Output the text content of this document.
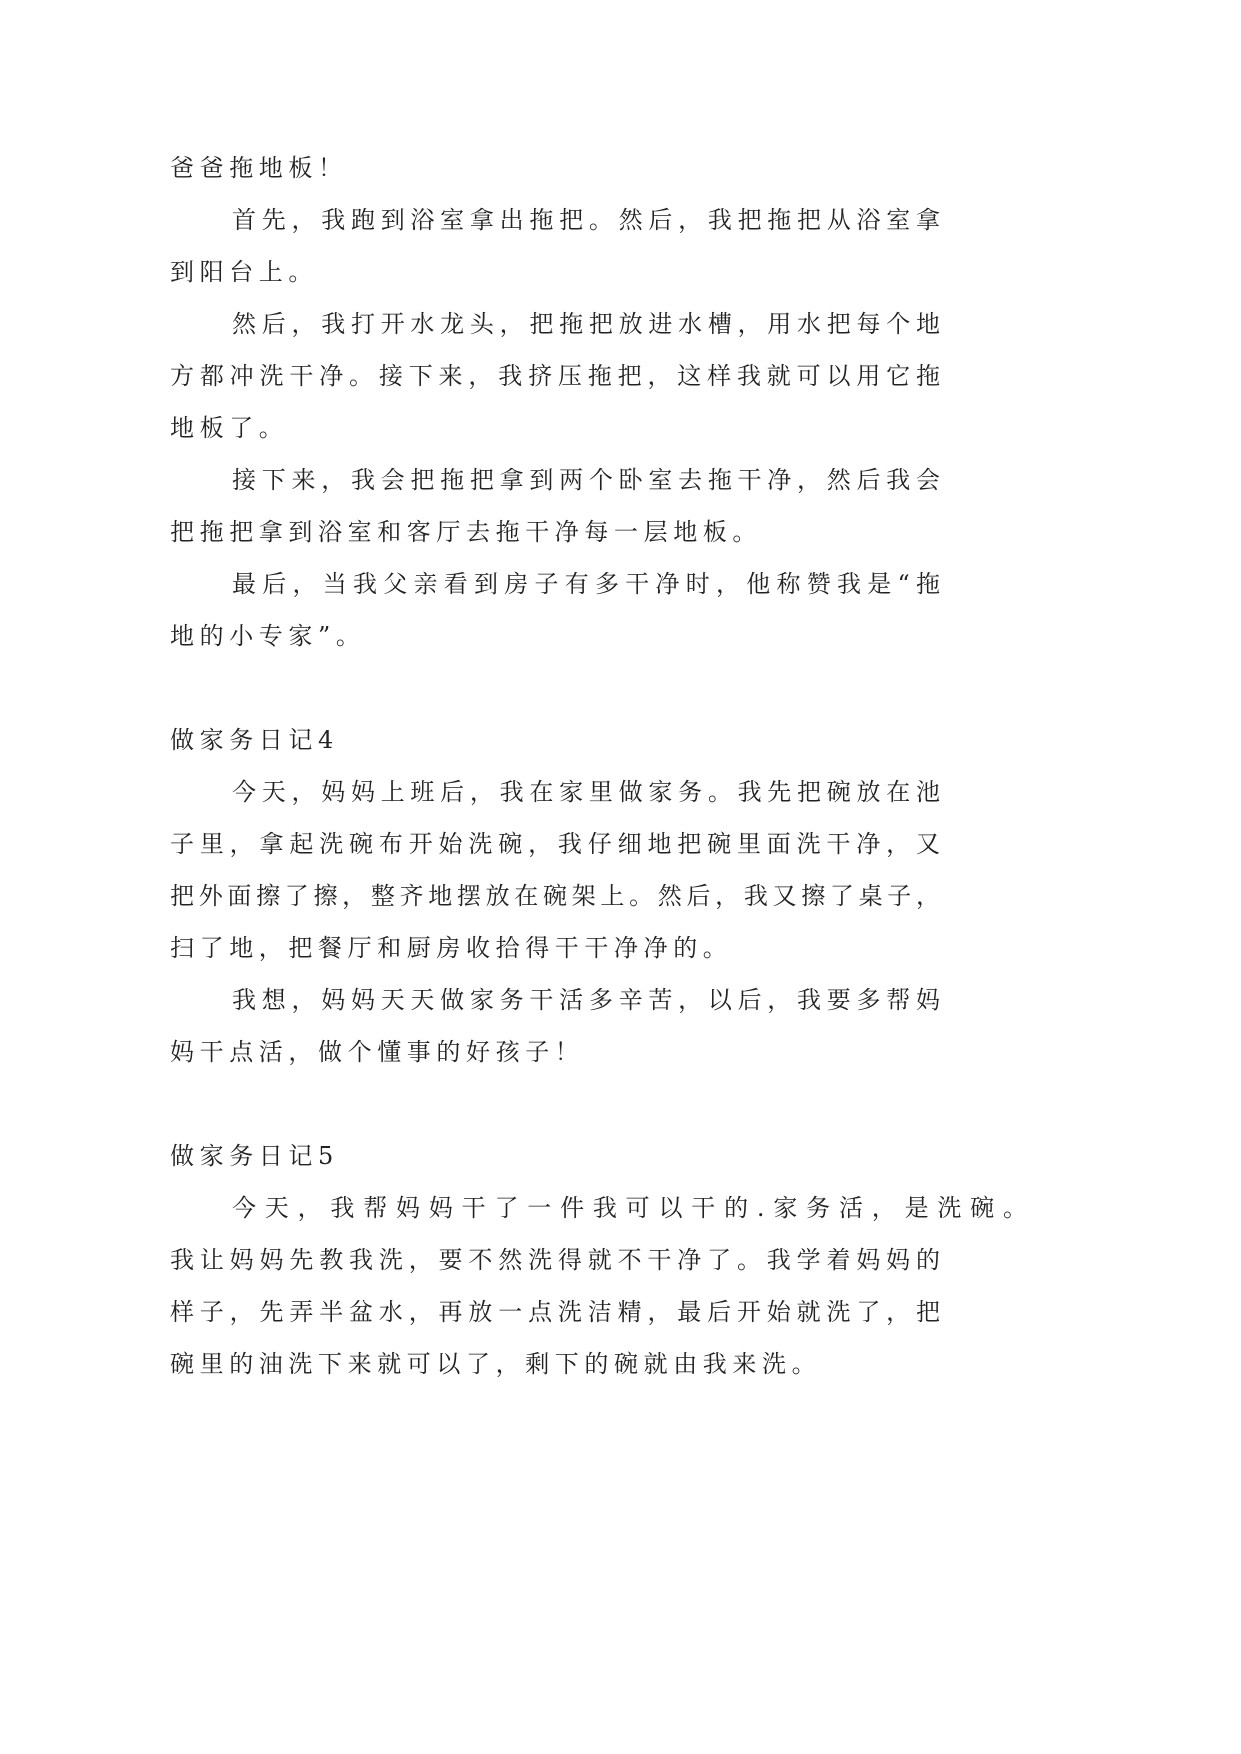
爸爸拖地板！
首先，我跑到浴室拿出拖把。然后，我把拖把从浴室拿
到阳台上。
然后，我打开水龙头，把拖把放进水槽，用水把每个地
方都冲洗干净。接下来，我挤压拖把，这样我就可以用它拖
地板了。
接下来，我会把拖把拿到两个卧室去拖干净，然后我会
把拖把拿到浴室和客厅去拖干净每一层地板。
最后，当我父亲看到房子有多干净时，他称赞我是“拖
地的小专家”。
做家务日记4
今天，妈妈上班后，我在家里做家务。我先把碗放在池
子里，拿起洗碗布开始洗碗，我仔细地把碗里面洗干净，又
把外面擦了擦，整齐地摆放在碗架上。然后，我又擦了桌子，
扫了地，把餐厅和厨房收拾得干干净净的。
我想，妈妈天天做家务干活多辛苦，以后，我要多帮妈
妈干点活，做个懂事的好孩子！
做家务日记5
今天，我帮妈妈干了一件我可以干的.家务活，是洗碗。
我让妈妈先教我洗，要不然洗得就不干净了。我学着妈妈的
样子，先弄半盆水，再放一点洗洁精，最后开始就洗了，把
碗里的油洗下来就可以了，剩下的碗就由我来洗。
